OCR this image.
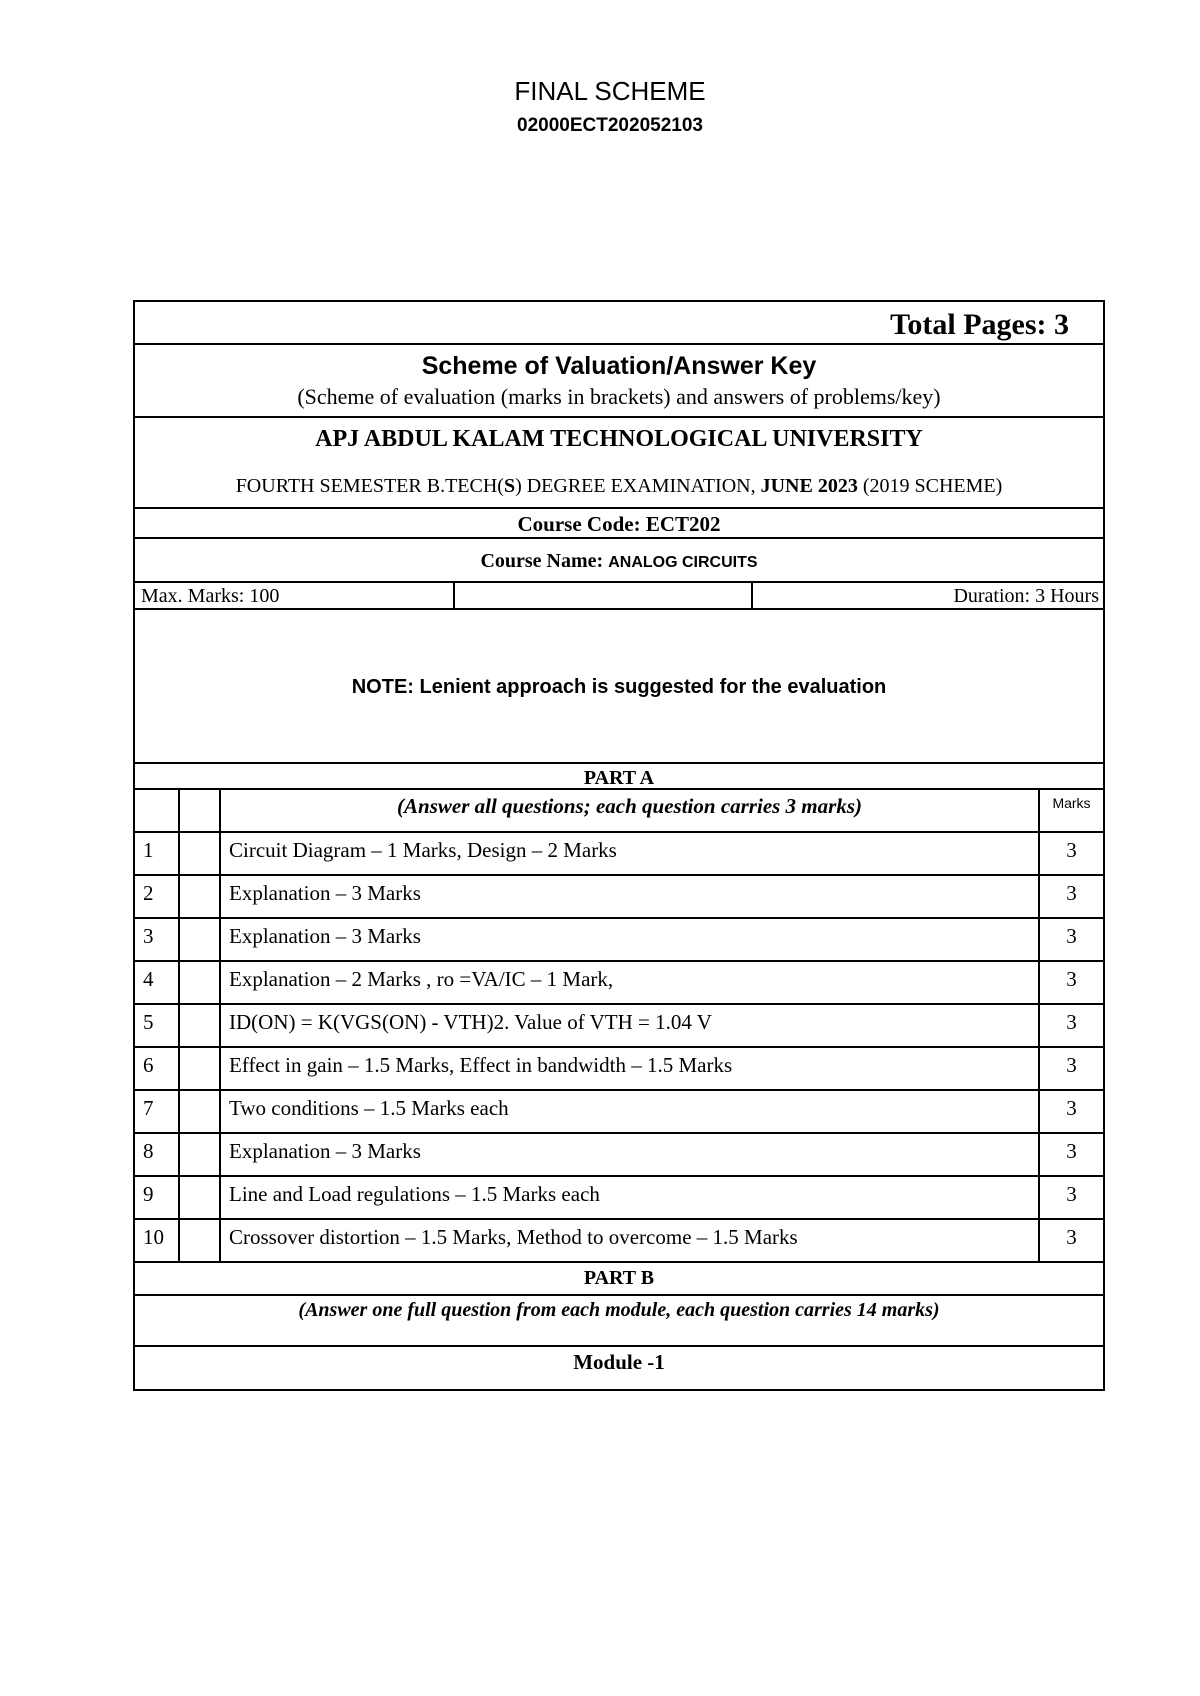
FINAL SCHEME
02000ECT202052103
Total Pages: 3
Scheme of Valuation/Answer Key
(Scheme of evaluation (marks in brackets) and answers of problems/key)
APJ ABDUL KALAM TECHNOLOGICAL UNIVERSITY
FOURTH SEMESTER B.TECH(S) DEGREE EXAMINATION, JUNE 2023 (2019 SCHEME)
Course Code: ECT202
Course Name: ANALOG CIRCUITS
Max. Marks: 100	Duration: 3 Hours
NOTE: Lenient approach is suggested for the evaluation
PART A
(Answer all questions; each question carries 3 marks)	Marks
1	Circuit Diagram – 1 Marks, Design – 2 Marks	3
2	Explanation – 3 Marks	3
3	Explanation – 3 Marks	3
4	Explanation – 2 Marks , ro =VA/IC – 1 Mark,	3
5	ID(ON) = K(VGS(ON) - VTH)2. Value of VTH = 1.04 V	3
6	Effect in gain – 1.5 Marks, Effect in bandwidth – 1.5 Marks	3
7	Two conditions – 1.5 Marks each	3
8	Explanation – 3 Marks	3
9	Line and Load regulations – 1.5 Marks each	3
10	Crossover distortion – 1.5 Marks, Method to overcome – 1.5 Marks	3
PART B
(Answer one full question from each module, each question carries 14 marks)
Module -1
